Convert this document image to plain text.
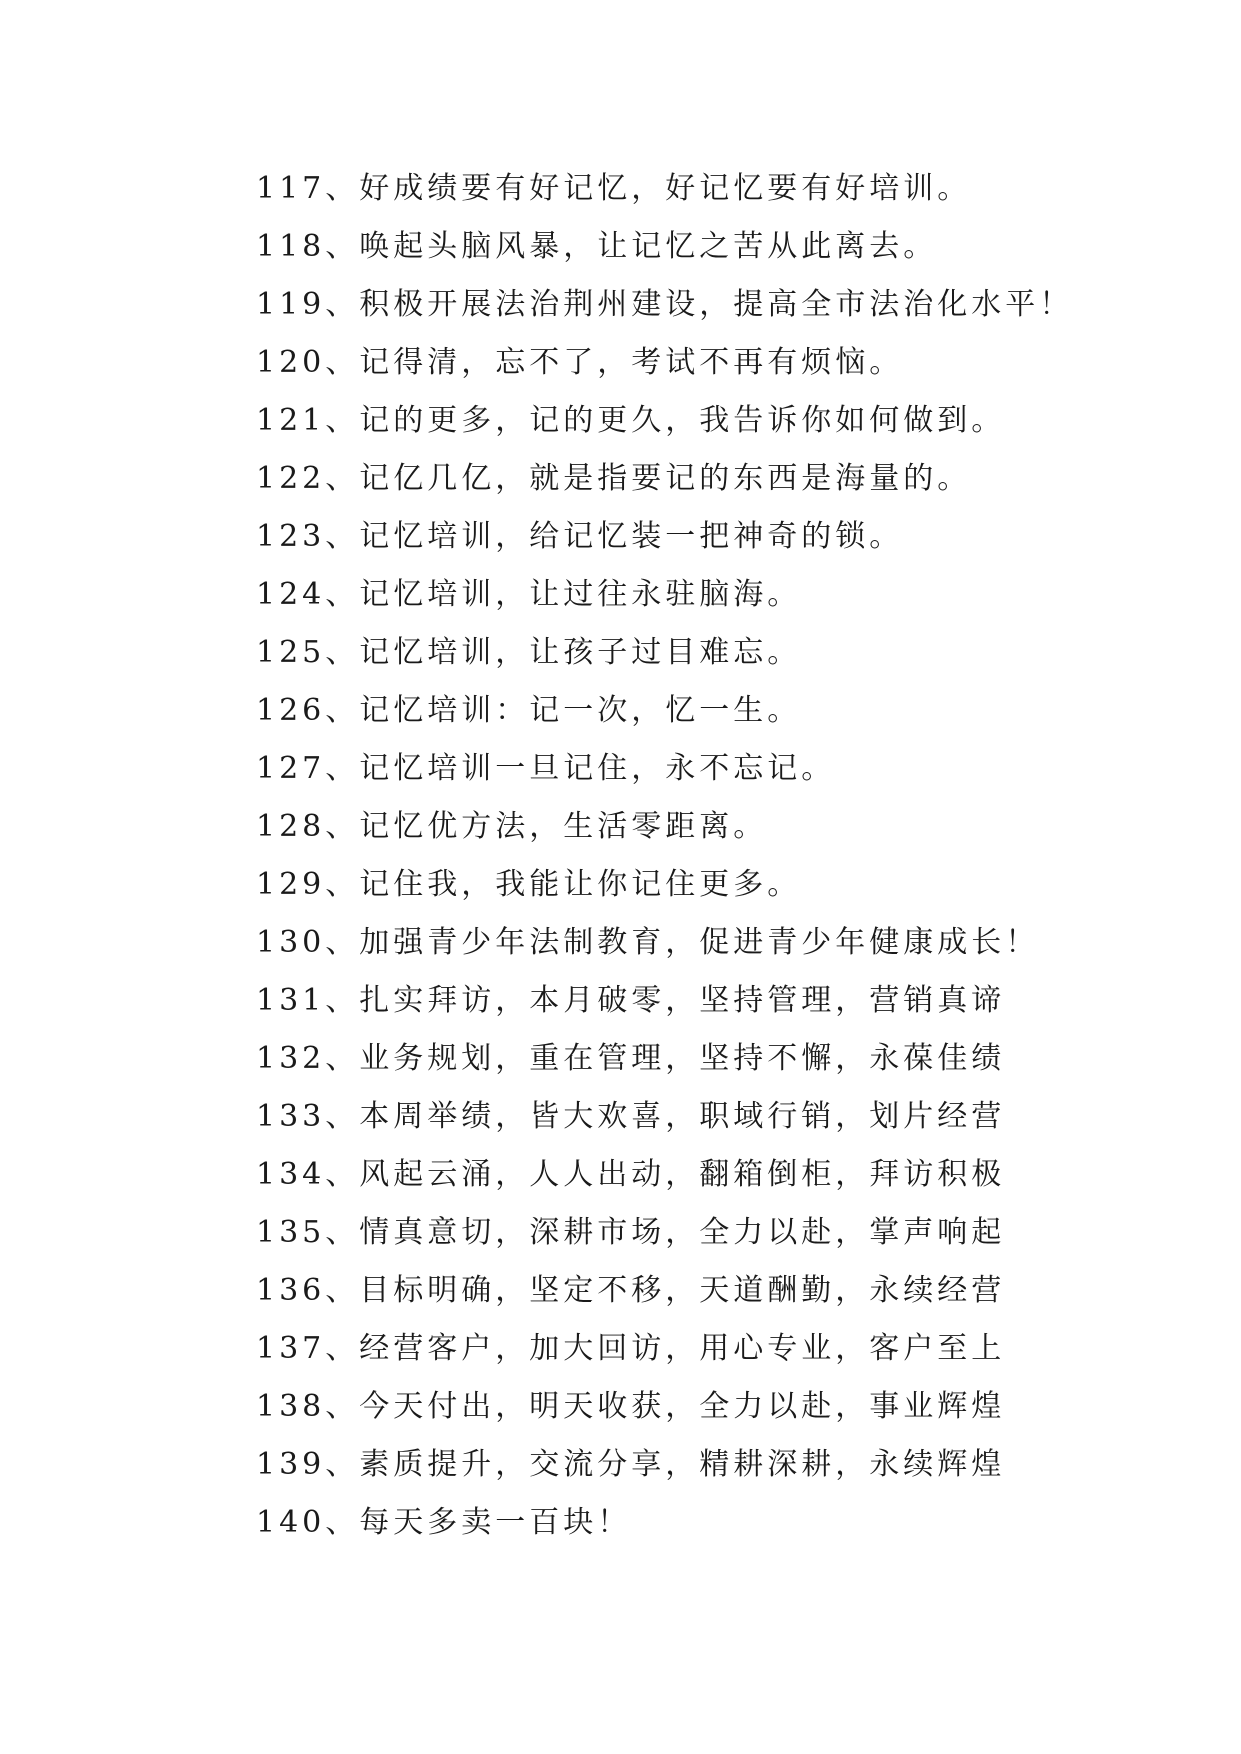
117、好成绩要有好记忆，好记忆要有好培训。
118、唤起头脑风暴，让记忆之苦从此离去。
119、积极开展法治荆州建设，提高全市法治化水平！
120、记得清，忘不了，考试不再有烦恼。
121、记的更多，记的更久，我告诉你如何做到。
122、记亿几亿，就是指要记的东西是海量的。
123、记忆培训，给记忆装一把神奇的锁。
124、记忆培训，让过往永驻脑海。
125、记忆培训，让孩子过目难忘。
126、记忆培训：记一次，忆一生。
127、记忆培训一旦记住，永不忘记。
128、记忆优方法，生活零距离。
129、记住我，我能让你记住更多。
130、加强青少年法制教育，促进青少年健康成长！
131、扎实拜访，本月破零，坚持管理，营销真谛
132、业务规划，重在管理，坚持不懈，永葆佳绩
133、本周举绩，皆大欢喜，职域行销，划片经营
134、风起云涌，人人出动，翻箱倒柜，拜访积极
135、情真意切，深耕市场，全力以赴，掌声响起
136、目标明确，坚定不移，天道酬勤，永续经营
137、经营客户，加大回访，用心专业，客户至上
138、今天付出，明天收获，全力以赴，事业辉煌
139、素质提升，交流分享，精耕深耕，永续辉煌
140、每天多卖一百块！
